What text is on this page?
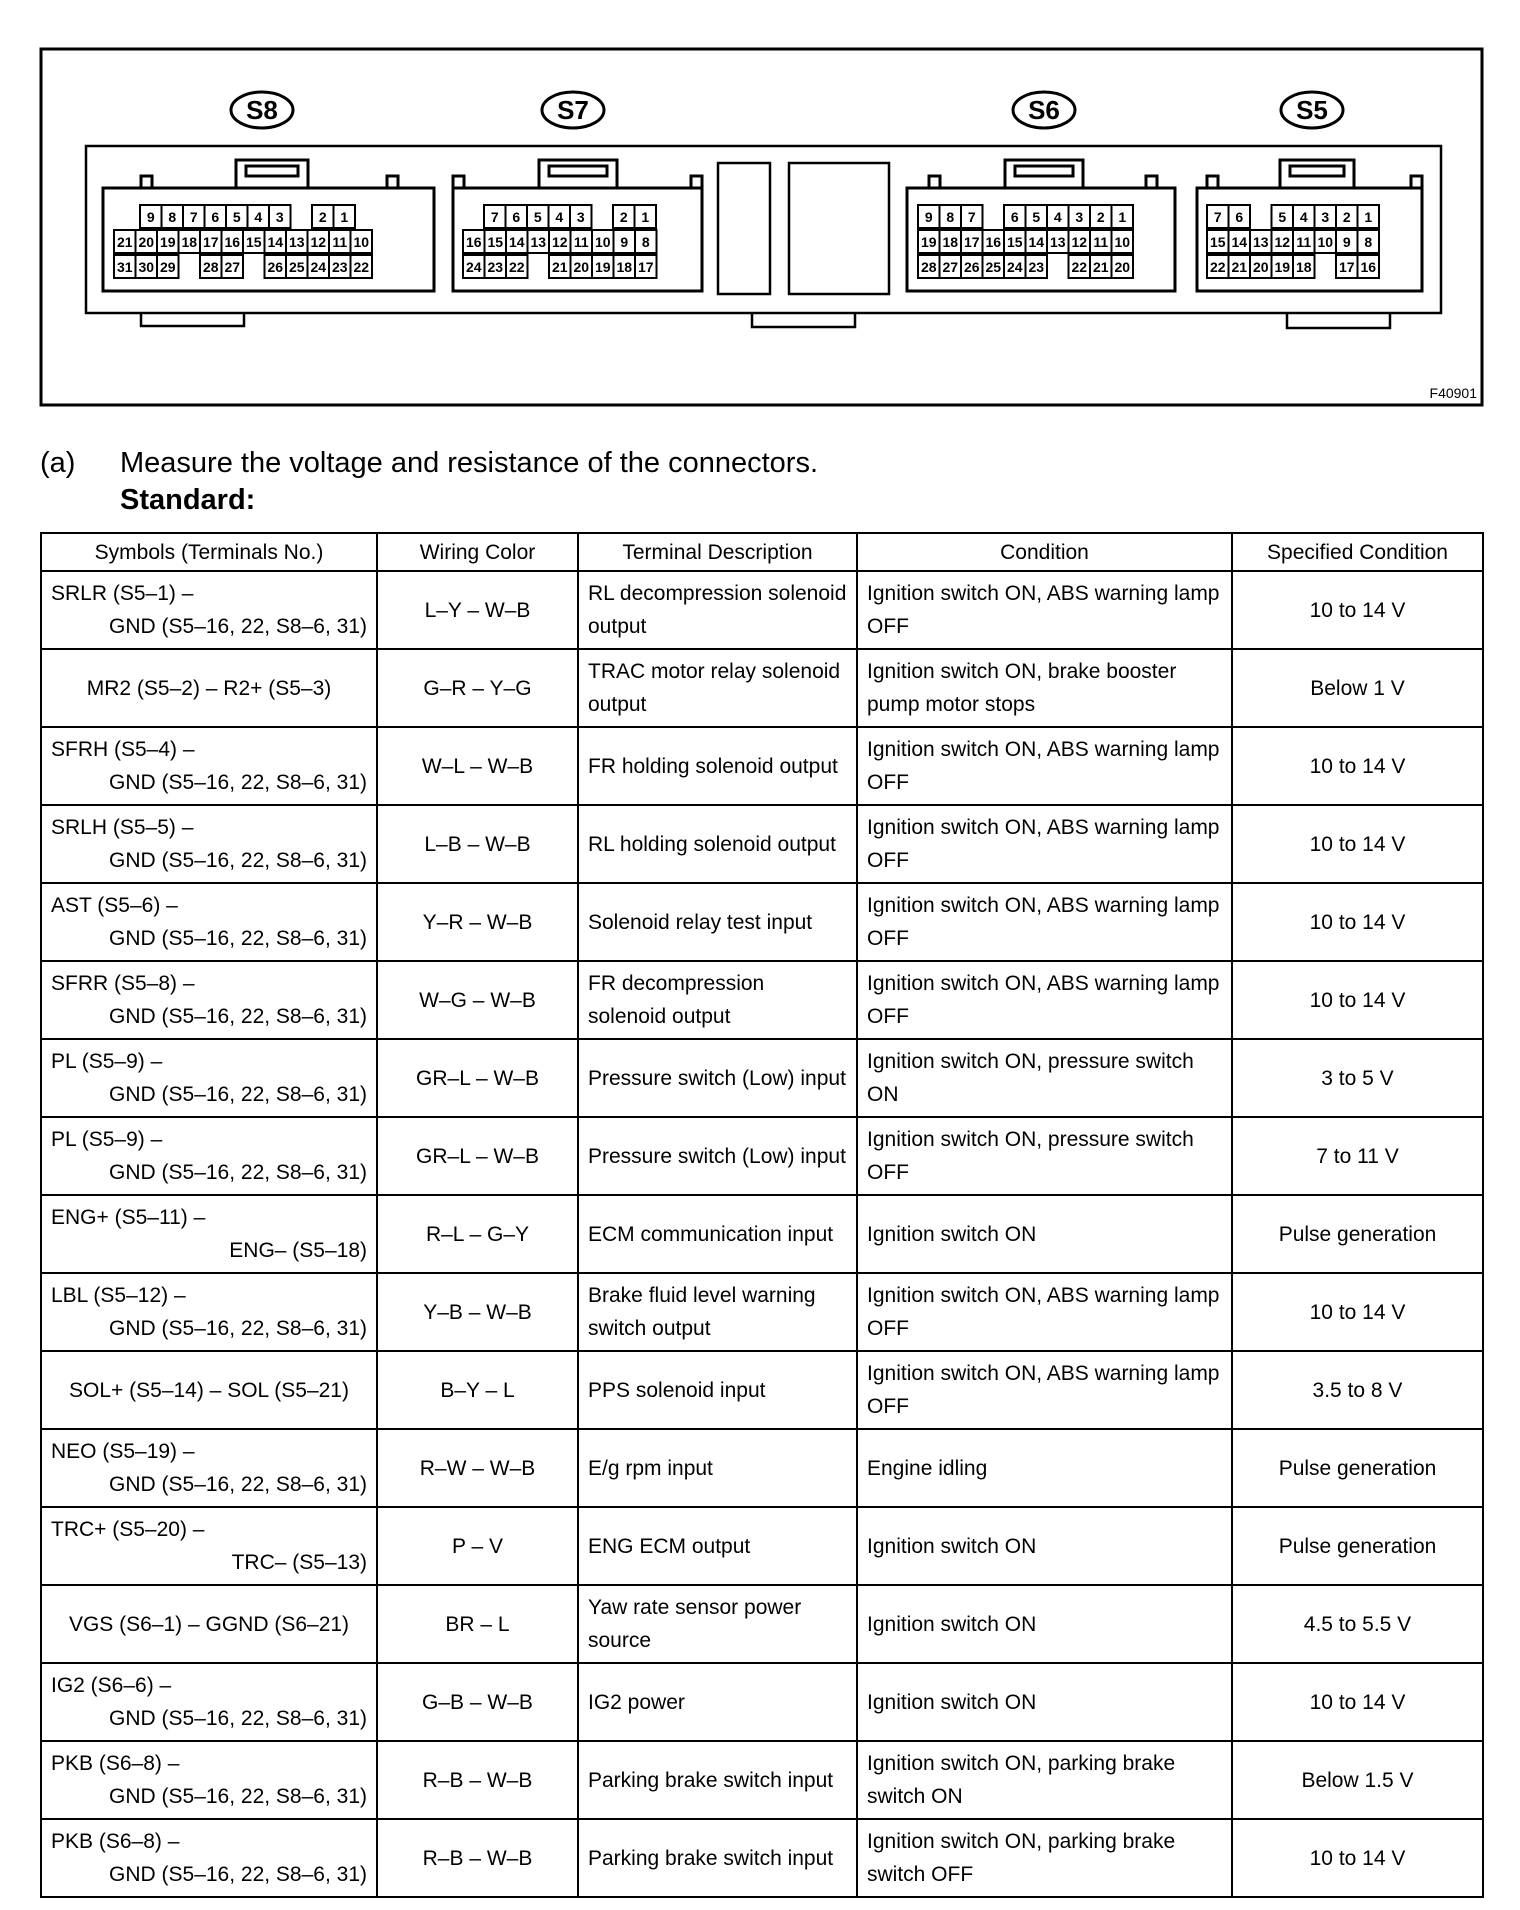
S8	S7	S6	S5
9 8 7 6 5 4 3	2 1
21 20 19 18 17 16 15 14 13 12 11 10
31 30 29 28 27 26 25 24 23 22
7 6 5 4 3	2 1
16 15 14 13 12 11 10 9 8
24 23 22 21 20 19 18 17
9 8 7	6 5 4 3 2 1
19 18 17 16 15 14 13 12 11 10
28 27 26 25 24 23 22 21 20
7 6	5 4 3 2 1
15 14 13 12 11 10 9 8
22 21 20 19 18 17 16
F40901
(a) Measure the voltage and resistance of the connectors.
Standard:
Symbols (Terminals No.)	Wiring Color	Terminal Description	Condition	Specified Condition

SRLR (S5–1) –
GND (S5–16, 22, S8–6, 31)	L–Y – W–B	RL decompression solenoid output	Ignition switch ON, ABS warning lamp OFF	10 to 14 V
MR2 (S5–2) – R2+ (S5–3)	G–R – Y–G	TRAC motor relay solenoid output	Ignition switch ON, brake booster pump motor stops	Below 1 V

SFRH (S5–4) –
GND (S5–16, 22, S8–6, 31)	W–L – W–B	FR holding solenoid output	Ignition switch ON, ABS warning lamp OFF	10 to 14 V

SRLH (S5–5) –
GND (S5–16, 22, S8–6, 31)	L–B – W–B	RL holding solenoid output	Ignition switch ON, ABS warning lamp OFF	10 to 14 V

AST (S5–6) –
GND (S5–16, 22, S8–6, 31)	Y–R – W–B	Solenoid relay test input	Ignition switch ON, ABS warning lamp OFF	10 to 14 V

SFRR (S5–8) –
GND (S5–16, 22, S8–6, 31)	W–G – W–B	FR decompression solenoid output	Ignition switch ON, ABS warning lamp OFF	10 to 14 V

PL (S5–9) –
GND (S5–16, 22, S8–6, 31)	GR–L – W–B	Pressure switch (Low) input	Ignition switch ON, pressure switch ON	3 to 5 V

PL (S5–9) –
GND (S5–16, 22, S8–6, 31)	GR–L – W–B	Pressure switch (Low) input	Ignition switch ON, pressure switch OFF	7 to 11 V

ENG+ (S5–11) –
ENG– (S5–18)	R–L – G–Y	ECM communication input	Ignition switch ON	Pulse generation

LBL (S5–12) –
GND (S5–16, 22, S8–6, 31)	Y–B – W–B	Brake fluid level warning switch output	Ignition switch ON, ABS warning lamp OFF	10 to 14 V
SOL+ (S5–14) – SOL (S5–21)	B–Y – L	PPS solenoid input	Ignition switch ON, ABS warning lamp OFF	3.5 to 8 V

NEO (S5–19) –
GND (S5–16, 22, S8–6, 31)	R–W – W–B	E/g rpm input	Engine idling	Pulse generation

TRC+ (S5–20) –
TRC– (S5–13)	P – V	ENG ECM output	Ignition switch ON	Pulse generation
VGS (S6–1) – GGND (S6–21)	BR – L	Yaw rate sensor power source	Ignition switch ON	4.5 to 5.5 V

IG2 (S6–6) –
GND (S5–16, 22, S8–6, 31)	G–B – W–B	IG2 power	Ignition switch ON	10 to 14 V

PKB (S6–8) –
GND (S5–16, 22, S8–6, 31)	R–B – W–B	Parking brake switch input	Ignition switch ON, parking brake switch ON	Below 1.5 V

PKB (S6–8) –
GND (S5–16, 22, S8–6, 31)	R–B – W–B	Parking brake switch input	Ignition switch ON, parking brake switch OFF	10 to 14 V
